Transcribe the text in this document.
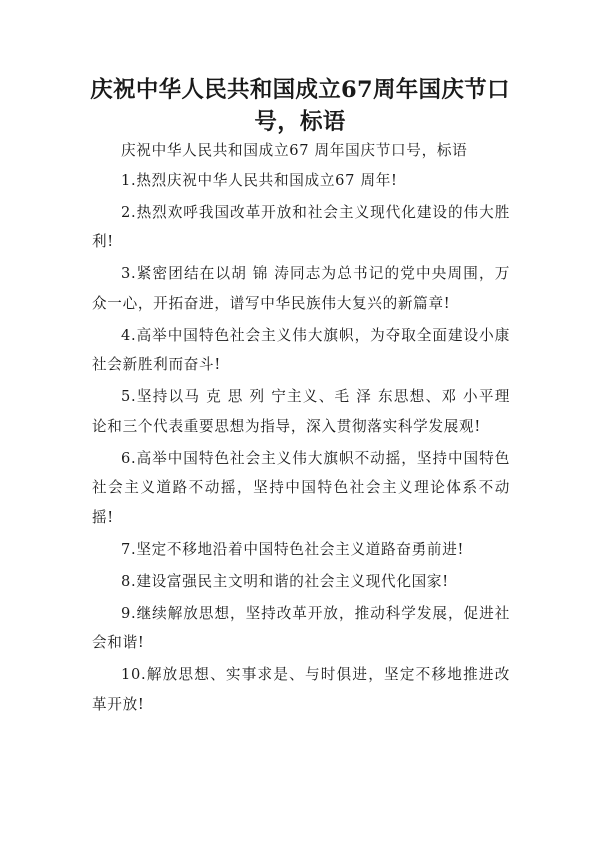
庆祝中华人民共和国成立67周年国庆节口号，标语

庆祝中华人民共和国成立67 周年国庆节口号，标语

1.热烈庆祝中华人民共和国成立67 周年!

2.热烈欢呼我国改革开放和社会主义现代化建设的伟大胜利!

3.紧密团结在以胡 锦 涛同志为总书记的党中央周围，万众一心，开拓奋进，谱写中华民族伟大复兴的新篇章!

4.高举中国特色社会主义伟大旗帜，为夺取全面建设小康社会新胜利而奋斗!

5.坚持以马 克 思 列 宁主义、毛 泽 东思想、邓 小平理论和三个代表重要思想为指导，深入贯彻落实科学发展观!

6.高举中国特色社会主义伟大旗帜不动摇，坚持中国特色社会主义道路不动摇，坚持中国特色社会主义理论体系不动摇!

7.坚定不移地沿着中国特色社会主义道路奋勇前进!

8.建设富强民主文明和谐的社会主义现代化国家!

9.继续解放思想，坚持改革开放，推动科学发展，促进社会和谐!

10.解放思想、实事求是、与时俱进，坚定不移地推进改革开放!
